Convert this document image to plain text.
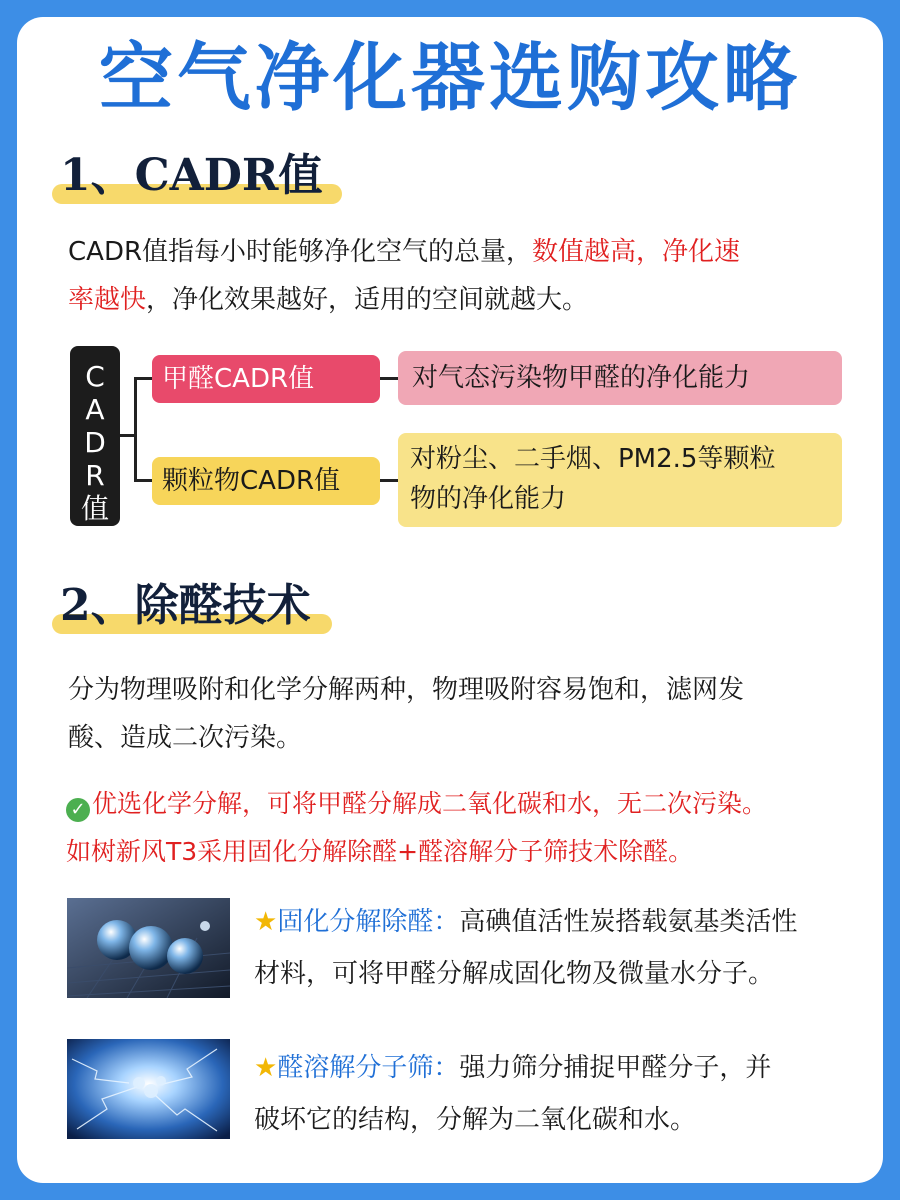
空气净化器选购攻略
1、CADR值
CADR值指每小时能够净化空气的总量，数值越高，净化速
率越快，净化效果越好，适用的空间就越大。
C
A
D
R
值
甲醛CADR值	对气态污染物甲醛的净化能力
颗粒物CADR值
对粉尘、二手烟、PM2.5等颗粒
物的净化能力
2、除醛技术
分为物理吸附和化学分解两种，物理吸附容易饱和，滤网发
酸、造成二次污染。
✓ 优选化学分解，可将甲醛分解成二氧化碳和水，无二次污染。
如树新风T3采用固化分解除醛+醛溶解分子筛技术除醛。
★固化分解除醛：高碘值活性炭搭载氨基类活性
材料，可将甲醛分解成固化物及微量水分子。
★醛溶解分子筛：强力筛分捕捉甲醛分子，并
破坏它的结构，分解为二氧化碳和水。
